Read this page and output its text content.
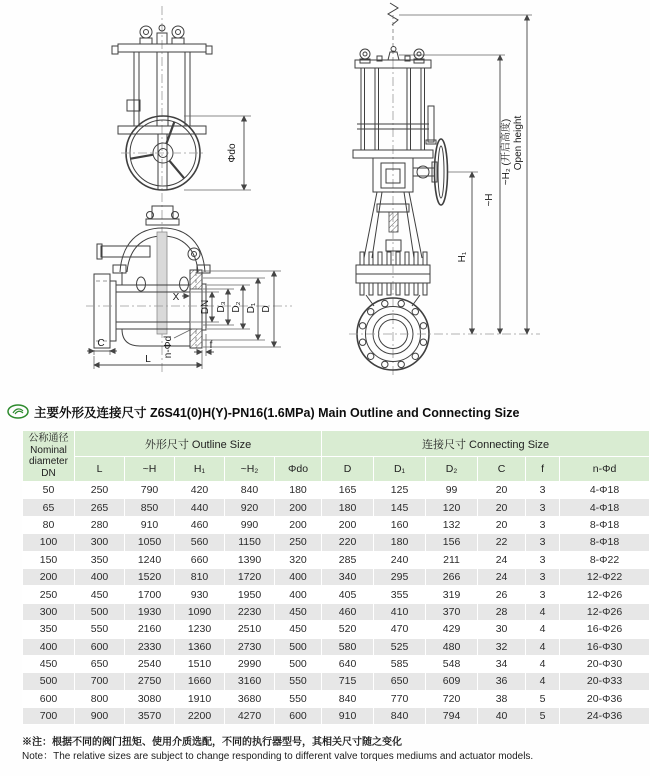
Φdo
X
DN D₃ D₂ D₁ D
C	f
L
n-Φd
H₁
~H
~H₂ (开启高度) Open height
主要外形及连接尺寸 Z6S41(0)H(Y)-PN16(1.6MPa) Main Outline and Connecting Size
公称通径
Nominal
diameter
DN	外形尺寸 Outline Size					连接尺寸 Connecting Size					
	L	~H	H₁	~H₂	Φdo	D	D₁	D₂	C	f	n-Φd
50	250	790	420	840	180	165	125	99	20	3	4-Φ18
65	265	850	440	920	200	180	145	120	20	3	4-Φ18
80	280	910	460	990	200	200	160	132	20	3	8-Φ18
100	300	1050	560	1150	250	220	180	156	22	3	8-Φ18
150	350	1240	660	1390	320	285	240	211	24	3	8-Φ22
200	400	1520	810	1720	400	340	295	266	24	3	12-Φ22
250	450	1700	930	1950	400	405	355	319	26	3	12-Φ26
300	500	1930	1090	2230	450	460	410	370	28	4	12-Φ26
350	550	2160	1230	2510	450	520	470	429	30	4	16-Φ26
400	600	2330	1360	2730	500	580	525	480	32	4	16-Φ30
450	650	2540	1510	2990	500	640	585	548	34	4	20-Φ30
500	700	2750	1660	3160	550	715	650	609	36	4	20-Φ33
600	800	3080	1910	3680	550	840	770	720	38	5	20-Φ36
700	900	3570	2200	4270	600	910	840	794	40	5	24-Φ36
※注：根据不同的阀门扭矩、使用介质选配，不同的执行器型号，其相关尺寸随之变化
Note：The relative sizes are subject to change responding to different valve torques mediums and actuator models.
